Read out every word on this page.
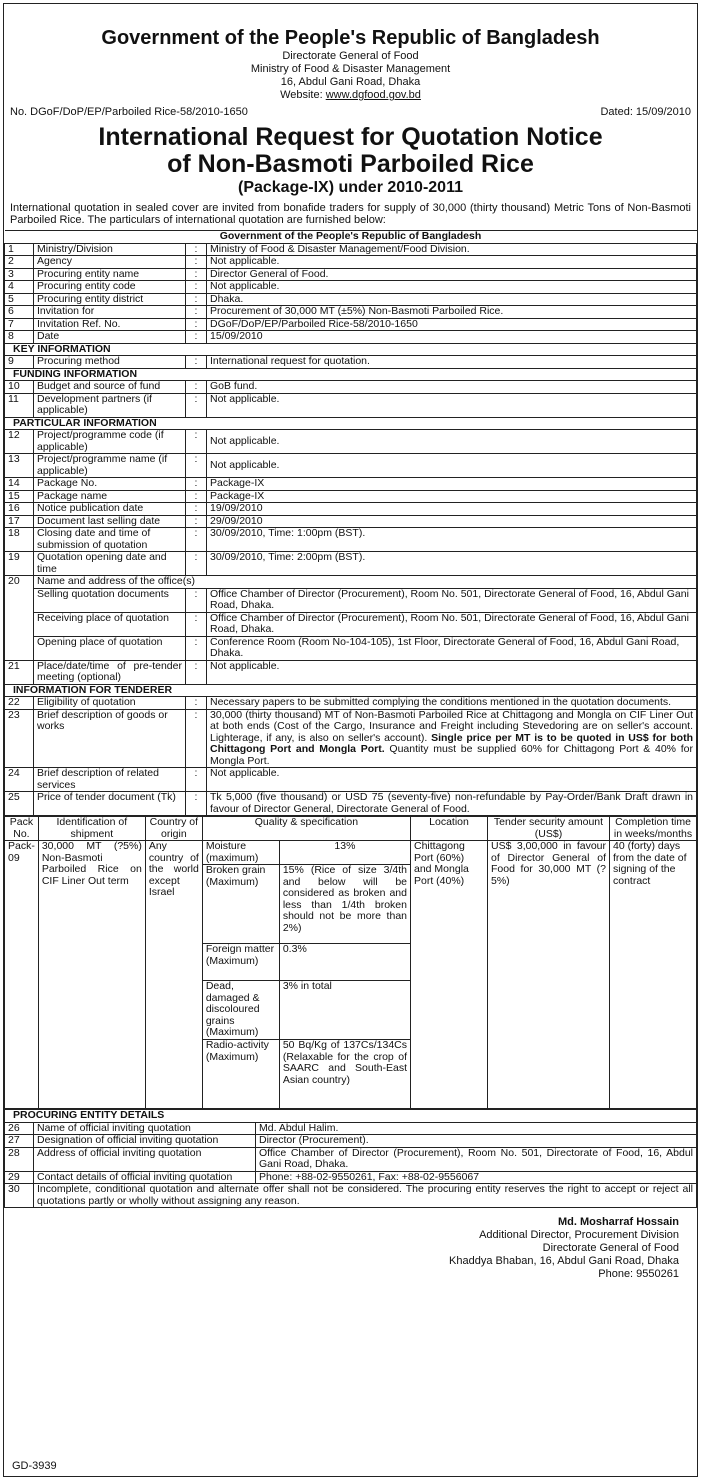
Government of the People's Republic of Bangladesh
Directorate General of Food
Ministry of Food & Disaster Management
16, Abdul Gani Road, Dhaka
Website: www.dgfood.gov.bd
No. DGoF/DoP/EP/Parboiled Rice-58/2010-1650	Dated: 15/09/2010
International Request for Quotation Notice
of Non-Basmoti Parboiled Rice
(Package-IX) under 2010-2011
International quotation in sealed cover are invited from bonafide traders for supply of 30,000 (thirty thousand) Metric Tons of Non-Basmoti Parboiled Rice. The particulars of international quotation are furnished below:
Government of the People's Republic of Bangladesh			
1	Ministry/Division	:	Ministry of Food & Disaster Management/Food Division.
2	Agency	:	Not applicable.
3	Procuring entity name	:	Director General of Food.
4	Procuring entity code	:	Not applicable.
5	Procuring entity district	:	Dhaka.
6	Invitation for	:	Procurement of 30,000 MT (±5%) Non-Basmoti Parboiled Rice.
7	Invitation Ref. No.	:	DGoF/DoP/EP/Parboiled Rice-58/2010-1650
8	Date	:	15/09/2010
KEY INFORMATION			
9	Procuring method	:	International request for quotation.
FUNDING INFORMATION			
10	Budget and source of fund	:	GoB fund.
11	Development partners (if applicable)	:	Not applicable.
PARTICULAR INFORMATION			
12	Project/programme code (if applicable)	:	Not applicable.
13	Project/programme name (if applicable)	:	Not applicable.
14	Package No.	:	Package-IX
15	Package name	:	Package-IX
16	Notice publication date	:	19/09/2010
17	Document last selling date	:	29/09/2010
18	Closing date and time of submission of quotation	:	30/09/2010, Time: 1:00pm (BST).
19	Quotation opening date and time	:	30/09/2010, Time: 2:00pm (BST).
20	Name and address of the office(s)		
	Selling quotation documents	:	Office Chamber of Director (Procurement), Room No. 501, Directorate General of Food, 16, Abdul Gani Road, Dhaka.
	Receiving place of quotation	:	Office Chamber of Director (Procurement), Room No. 501, Directorate General of Food, 16, Abdul Gani Road, Dhaka.
	Opening place of quotation	:	Conference Room (Room No-104-105), 1st Floor, Directorate General of Food, 16, Abdul Gani Road, Dhaka.
21	Place/date/time of pre-tender meeting (optional)	:	Not applicable.
INFORMATION FOR TENDERER			
22	Eligibility of quotation	:	Necessary papers to be submitted complying the conditions mentioned in the quotation documents.
23	Brief description of goods or works	:	30,000 (thirty thousand) MT of Non-Basmoti Parboiled Rice at Chittagong and Mongla on CIF Liner Out at both ends (Cost of the Cargo, Insurance and Freight including Stevedoring are on seller's account. Lighterage, if any, is also on seller's account). Single price per MT is to be quoted in US$ for both Chittagong Port and Mongla Port. Quantity must be supplied 60% for Chittagong Port & 40% for Mongla Port.
24	Brief description of related services	:	Not applicable.
25	Price of tender document (Tk)	:	Tk 5,000 (five thousand) or USD 75 (seventy-five) non-refundable by Pay-Order/Bank Draft drawn in favour of Director General, Directorate General of Food.
Pack No.	Identification of shipment	Country of origin	Quality & specification		Location	Tender security amount (US$)	Completion time in weeks/months
Pack-09	30,000 MT (?5%) Non-Basmoti Parboiled Rice on CIF Liner Out term	Any country of the world except Israel	Moisture (maximum)	13%	Chittagong Port (60%) and Mongla Port (40%)	US$ 3,00,000 in favour of Director General of Food for 30,000 MT (?5%)	40 (forty) days from the date of signing of the contract
			Broken grain (Maximum)	15% (Rice of size 3/4th and below will be considered as broken and less than 1/4th broken should not be more than 2%)			
			Foreign matter (Maximum)	0.3%			
			Dead, damaged & discoloured grains (Maximum)	3% in total			
			Radio-activity (Maximum)	50 Bq/Kg of 137Cs/134Cs (Relaxable for the crop of SAARC and South-East Asian country)			
PROCURING ENTITY DETAILS		
26	Name of official inviting quotation	Md. Abdul Halim.
27	Designation of official inviting quotation	Director (Procurement).
28	Address of official inviting quotation	Office Chamber of Director (Procurement), Room No. 501, Directorate of Food, 16, Abdul Gani Road, Dhaka.
29	Contact details of official inviting quotation	Phone: +88-02-9550261, Fax: +88-02-9556067
30	Incomplete, conditional quotation and alternate offer shall not be considered. The procuring entity reserves the right to accept or reject all quotations partly or wholly without assigning any reason.	
Md. Mosharraf Hossain
Additional Director, Procurement Division
Directorate General of Food
Khaddya Bhaban, 16, Abdul Gani Road, Dhaka
Phone: 9550261
GD-3939
